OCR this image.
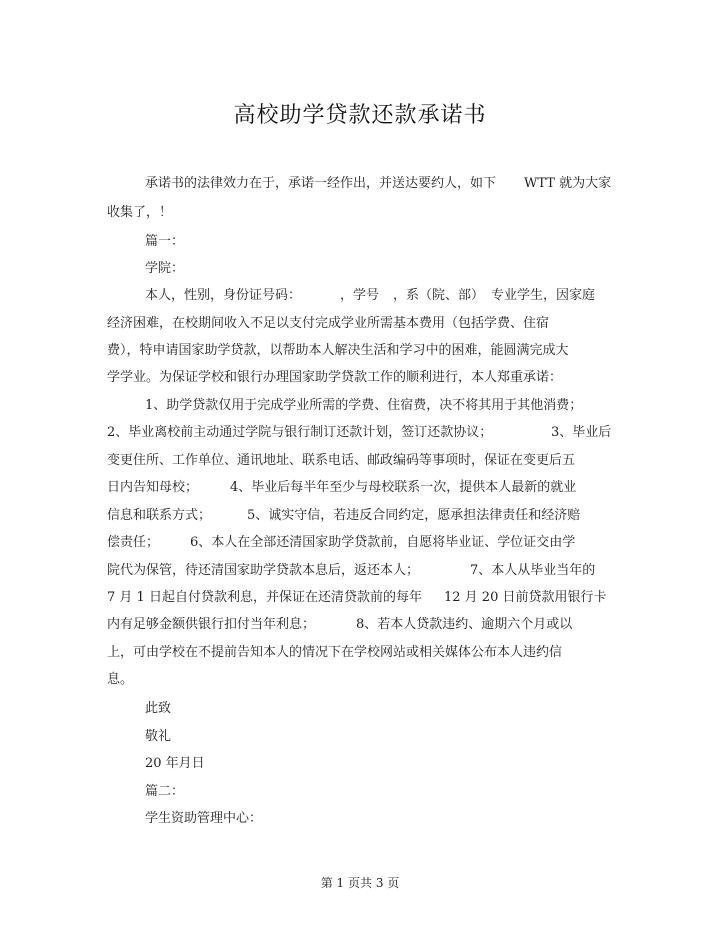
高校助学贷款还款承诺书
承诺书的法律效力在于，承诺一经作出，并送达要约人，如下 WTT 就为大家
收集了，！
篇一：
学院：
本人，性别，身份证号码：	，学号 ，系（院、部） 专业学生，因家庭
经济困难，在校期间收入不足以支付完成学业所需基本费用（包括学费、住宿
费），特申请国家助学贷款，以帮助本人解决生活和学习中的困难，能圆满完成大
学学业。为保证学校和银行办理国家助学贷款工作的顺利进行，本人郑重承诺：
1、助学贷款仅用于完成学业所需的学费、住宿费，决不将其用于其他消费；
2、毕业离校前主动通过学院与银行制订还款计划，签订还款协议；	3、毕业后
变更住所、工作单位、通讯地址、联系电话、邮政编码等事项时，保证在变更后五
日内告知母校； 4、毕业后每半年至少与母校联系一次，提供本人最新的就业
信息和联系方式；	5、诚实守信，若违反合同约定，愿承担法律责任和经济赔
偿责任； 6、本人在全部还清国家助学贷款前，自愿将毕业证、学位证交由学
院代为保管，待还清国家助学贷款本息后，返还本人；	7、本人从毕业当年的
7 月 1 日起自付贷款利息，并保证在还清贷款前的每年 12 月 20 日前贷款用银行卡
内有足够金额供银行扣付当年利息；	8、若本人贷款违约、逾期六个月或以
上，可由学校在不提前告知本人的情况下在学校网站或相关媒体公布本人违约信
息。
此致
敬礼
20 年月日
篇二：
学生资助管理中心：
第 1 页共 3 页
